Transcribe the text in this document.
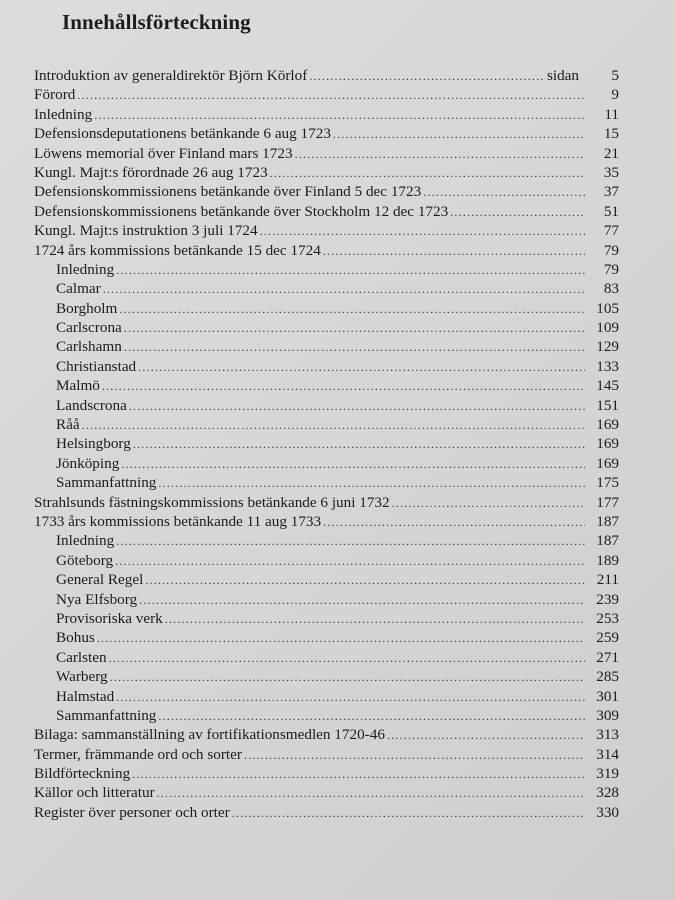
Innehållsförteckning
Introduktion av generaldirektör Björn Körlof .....	sidan	5
Förord .....	9
Inledning .....	11
Defensionsdeputationens betänkande 6 aug 1723 .....	15
Löwens memorial över Finland mars 1723 .....	21
Kungl. Majt:s förordnade 26 aug 1723 .....	35
Defensionskommissionens betänkande över Finland 5 dec 1723 .....	37
Defensionskommissionens betänkande över Stockholm 12 dec 1723 .....	51
Kungl. Majt:s instruktion 3 juli 1724 .....	77
1724 års kommissions betänkande 15 dec 1724 .....	79
Inledning .....	79
Calmar .....	83
Borgholm .....	105
Carlscrona .....	109
Carlshamn .....	129
Christianstad .....	133
Malmö .....	145
Landscrona .....	151
Råå .....	169
Helsingborg .....	169
Jönköping .....	169
Sammanfattning .....	175
Strahlsunds fästningskommissions betänkande 6 juni 1732 .....	177
1733 års kommissions betänkande 11 aug 1733 .....	187
Inledning .....	187
Göteborg .....	189
General Regel .....	211
Nya Elfsborg .....	239
Provisoriska verk .....	253
Bohus .....	259
Carlsten .....	271
Warberg .....	285
Halmstad .....	301
Sammanfattning .....	309
Bilaga: sammanställning av fortifikationsmedlen 1720-46 .....	313
Termer, främmande ord och sorter .....	314
Bildförteckning .....	319
Källor och litteratur .....	328
Register över personer och orter .....	330
